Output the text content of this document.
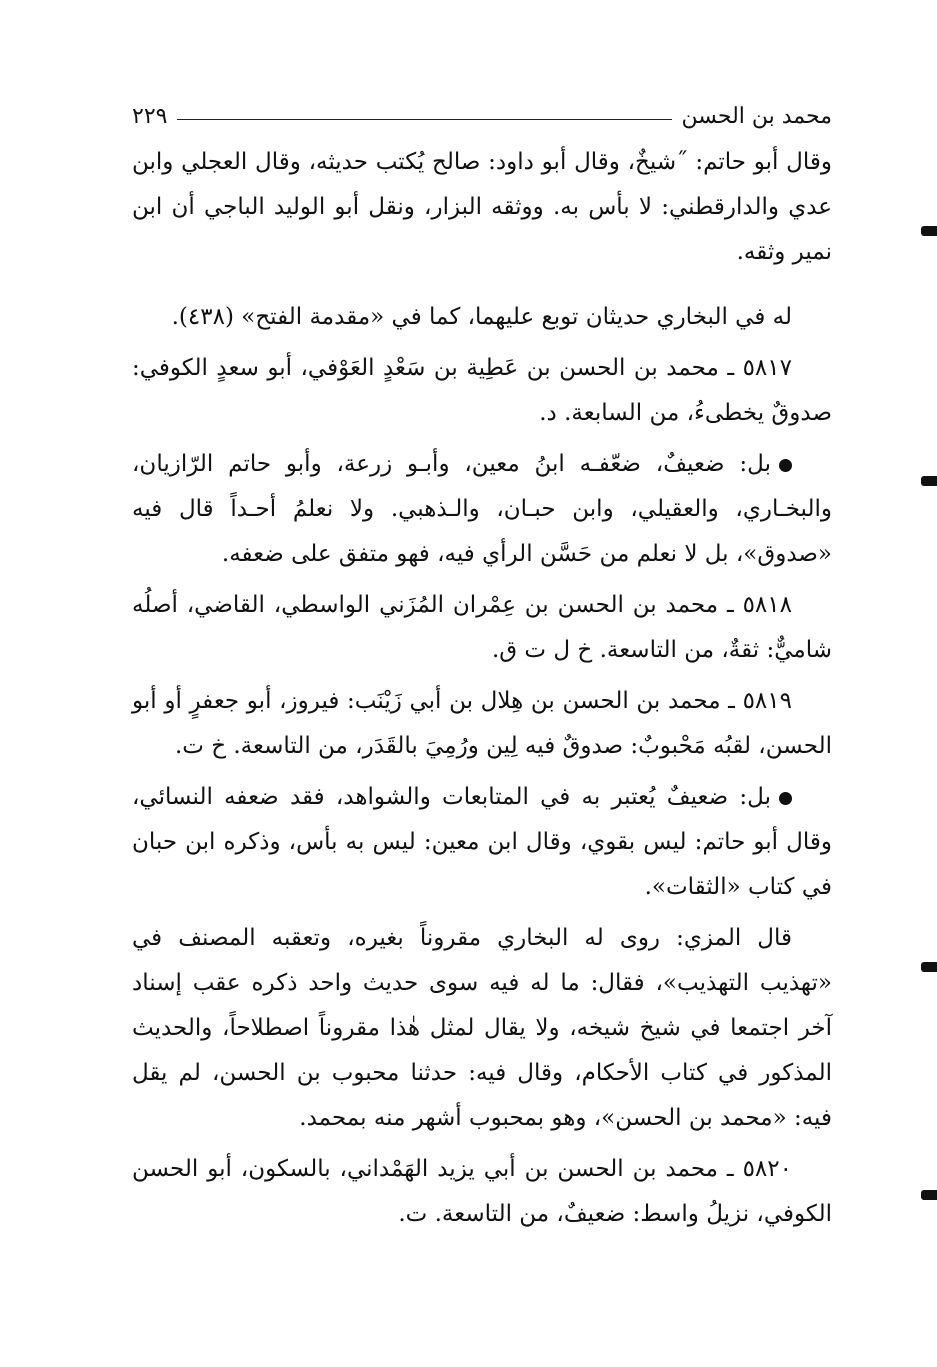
محمد بن الحسن
٢٢٩

وقال أبو حاتم: ˝شيخٌ، وقال أبو داود: صالح يُكتب حديثه، وقال العجلي وابن عدي والدارقطني: لا بأس به. ووثقه البزار، ونقل أبو الوليد الباجي أن ابن نمير وثقه.

له في البخاري حديثان توبع عليهما، كما في «مقدمة الفتح» (٤٣٨).

٥٨١٧ ـ محمد بن الحسن بن عَطِية بن سَعْدٍ العَوْفي، أبو سعدٍ الكوفي: صدوقٌ يخطىءُ، من السابعة. د.

بل: ضعيفٌ، ضعّفـه ابنُ معين، وأبـو زرعة، وأبو حاتم الرّازيان، والبخـاري، والعقيلي، وابن حبـان، والـذهبي. ولا نعلمُ أحـداً قال فيه «صدوق»، بل لا نعلم من حَسَّن الرأي فيه، فهو متفق على ضعفه.

٥٨١٨ ـ محمد بن الحسن بن عِمْران المُزَني الواسطي، القاضي، أصلُه شاميٌّ: ثقةٌ، من التاسعة. خ ل ت ق.

٥٨١٩ ـ محمد بن الحسن بن هِلال بن أبي زَيْنَب: فيروز، أبو جعفرٍ أو أبو الحسن، لقبُه مَحْبوبٌ: صدوقٌ فيه لِين ورُمِيَ بالقَدَر، من التاسعة. خ ت.

بل: ضعيفٌ يُعتبر به في المتابعات والشواهد، فقد ضعفه النسائي، وقال أبو حاتم: ليس بقوي، وقال ابن معين: ليس به بأس، وذكره ابن حبان في كتاب «الثقات».

قال المزي: روى له البخاري مقروناً بغيره، وتعقبه المصنف في «تهذيب التهذيب»، فقال: ما له فيه سوى حديث واحد ذكره عقب إسناد آخر اجتمعا في شيخ شيخه، ولا يقال لمثل هٰذا مقروناً اصطلاحاً، والحديث المذكور في كتاب الأحكام، وقال فيه: حدثنا محبوب بن الحسن، لم يقل فيه: «محمد بن الحسن»، وهو بمحبوب أشهر منه بمحمد.

٥٨٢٠ ـ محمد بن الحسن بن أبي يزيد الهَمْداني، بالسكون، أبو الحسن الكوفي، نزيلُ واسط: ضعيفٌ، من التاسعة. ت.
